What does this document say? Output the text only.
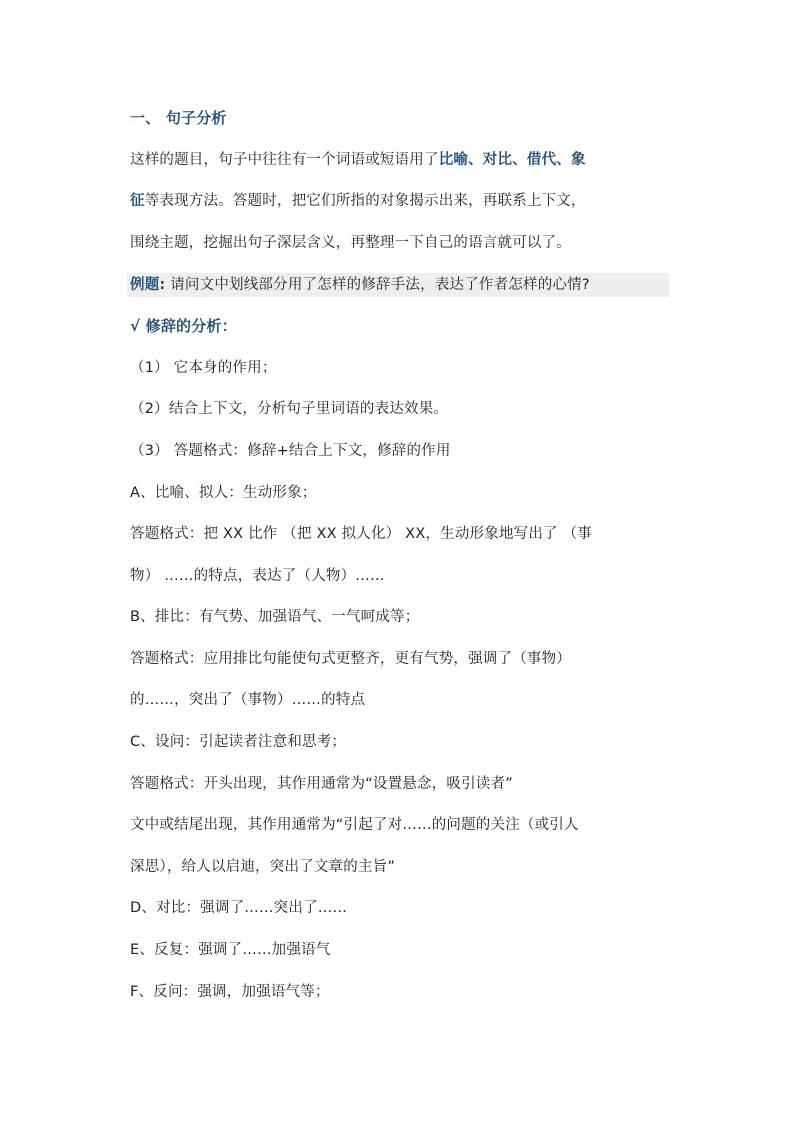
一、 句子分析
这样的题目，句子中往往有一个词语或短语用了比喻、对比、借代、象
征等表现方法。答题时，把它们所指的对象揭示出来，再联系上下文，
围绕主题，挖掘出句子深层含义，再整理一下自己的语言就可以了。
例题: 请问文中划线部分用了怎样的修辞手法，表达了作者怎样的心情?
√ 修辞的分析：
（1） 它本身的作用；
（2）结合上下文，分析句子里词语的表达效果。
（3） 答题格式：修辞+结合上下文，修辞的作用
A、比喻、拟人：生动形象；
答题格式：把 XX 比作 （把 XX 拟人化） XX，生动形象地写出了 （事
物） ……的特点，表达了（人物）……
B、排比：有气势、加强语气、一气呵成等；
答题格式：应用排比句能使句式更整齐，更有气势，强调了（事物）
的……，突出了（事物）……的特点
C、设问：引起读者注意和思考；
答题格式：开头出现，其作用通常为“设置悬念，吸引读者”
文中或结尾出现，其作用通常为“引起了对……的问题的关注（或引人
深思），给人以启迪，突出了文章的主旨”
D、对比：强调了……突出了……
E、反复：强调了……加强语气
F、反问：强调，加强语气等；
